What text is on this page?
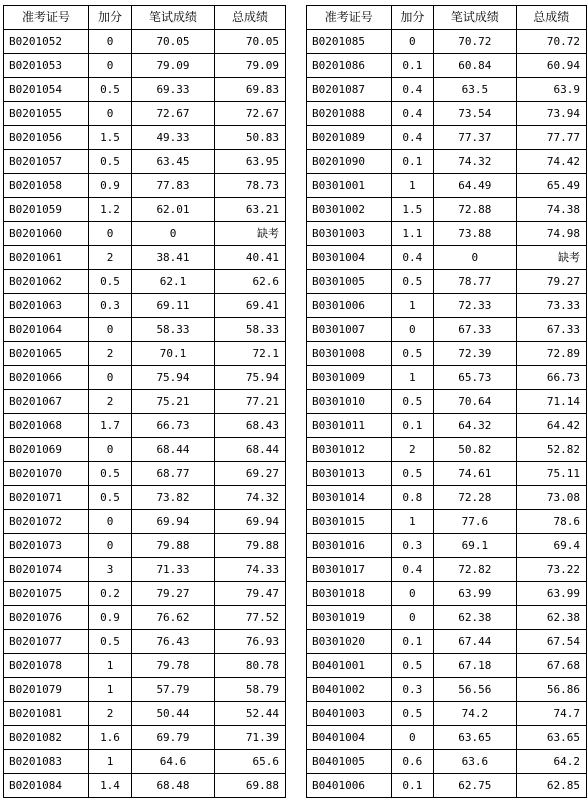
准考证号	加分	笔试成绩	总成绩
B0201052	0	70.05	70.05
B0201053	0	79.09	79.09
B0201054	0.5	69.33	69.83
B0201055	0	72.67	72.67
B0201056	1.5	49.33	50.83
B0201057	0.5	63.45	63.95
B0201058	0.9	77.83	78.73
B0201059	1.2	62.01	63.21
B0201060	0	0	缺考
B0201061	2	38.41	40.41
B0201062	0.5	62.1	62.6
B0201063	0.3	69.11	69.41
B0201064	0	58.33	58.33
B0201065	2	70.1	72.1
B0201066	0	75.94	75.94
B0201067	2	75.21	77.21
B0201068	1.7	66.73	68.43
B0201069	0	68.44	68.44
B0201070	0.5	68.77	69.27
B0201071	0.5	73.82	74.32
B0201072	0	69.94	69.94
B0201073	0	79.88	79.88
B0201074	3	71.33	74.33
B0201075	0.2	79.27	79.47
B0201076	0.9	76.62	77.52
B0201077	0.5	76.43	76.93
B0201078	1	79.78	80.78
B0201079	1	57.79	58.79
B0201081	2	50.44	52.44
B0201082	1.6	69.79	71.39
B0201083	1	64.6	65.6
B0201084	1.4	68.48	69.88
准考证号	加分	笔试成绩	总成绩
B0201085	0	70.72	70.72
B0201086	0.1	60.84	60.94
B0201087	0.4	63.5	63.9
B0201088	0.4	73.54	73.94
B0201089	0.4	77.37	77.77
B0201090	0.1	74.32	74.42
B0301001	1	64.49	65.49
B0301002	1.5	72.88	74.38
B0301003	1.1	73.88	74.98
B0301004	0.4	0	缺考
B0301005	0.5	78.77	79.27
B0301006	1	72.33	73.33
B0301007	0	67.33	67.33
B0301008	0.5	72.39	72.89
B0301009	1	65.73	66.73
B0301010	0.5	70.64	71.14
B0301011	0.1	64.32	64.42
B0301012	2	50.82	52.82
B0301013	0.5	74.61	75.11
B0301014	0.8	72.28	73.08
B0301015	1	77.6	78.6
B0301016	0.3	69.1	69.4
B0301017	0.4	72.82	73.22
B0301018	0	63.99	63.99
B0301019	0	62.38	62.38
B0301020	0.1	67.44	67.54
B0401001	0.5	67.18	67.68
B0401002	0.3	56.56	56.86
B0401003	0.5	74.2	74.7
B0401004	0	63.65	63.65
B0401005	0.6	63.6	64.2
B0401006	0.1	62.75	62.85
